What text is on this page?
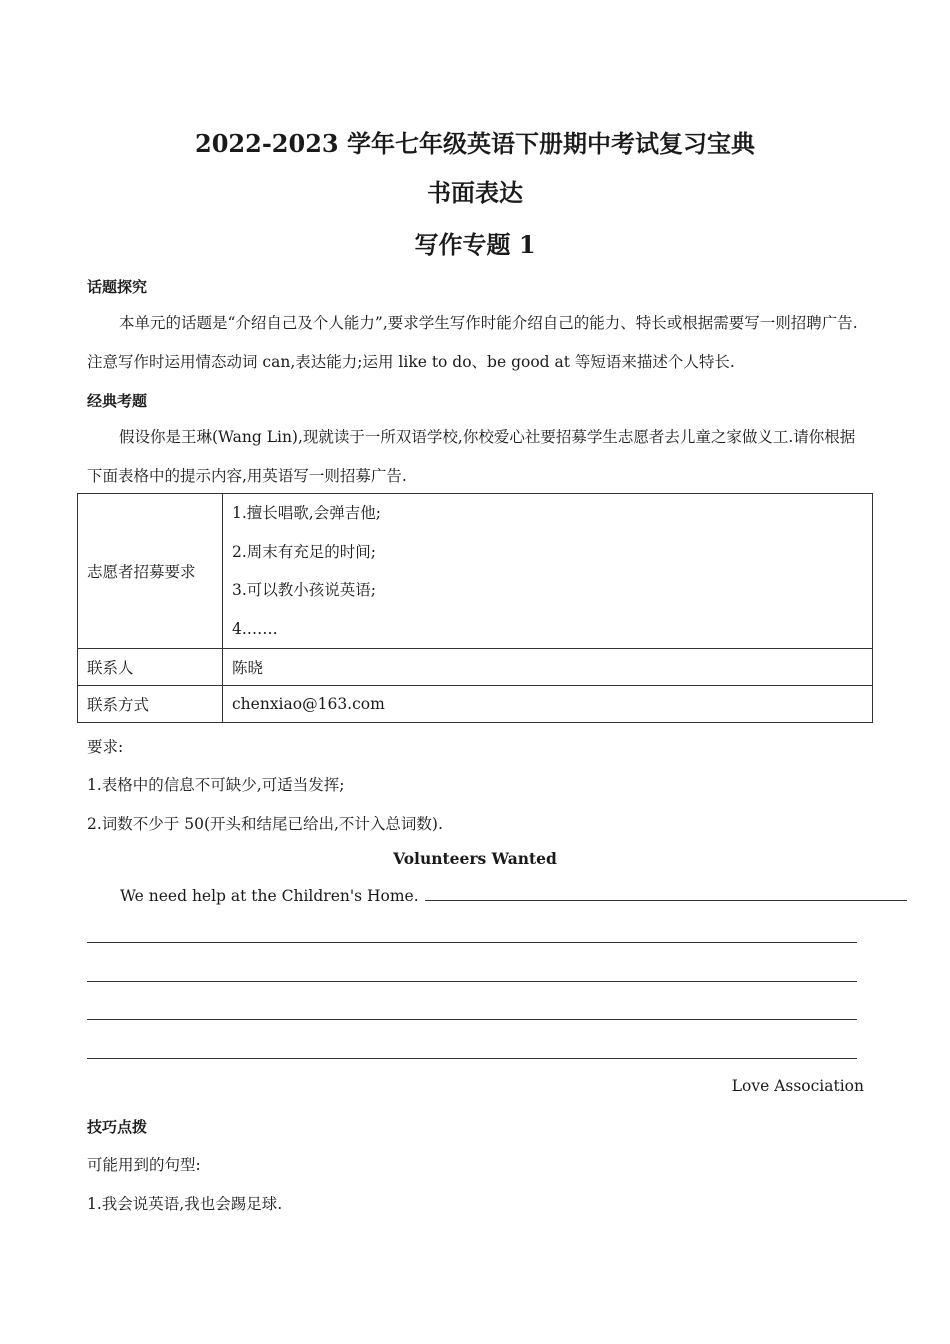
2022-2023 学年七年级英语下册期中考试复习宝典
书面表达
写作专题 1
话题探究
本单元的话题是“介绍自己及个人能力”,要求学生写作时能介绍自己的能力、特长或根据需要写一则招聘广告.注意写作时运用情态动词 can,表达能力;运用 like to do、be good at 等短语来描述个人特长.
经典考题
假设你是王琳(Wang Lin),现就读于一所双语学校,你校爱心社要招募学生志愿者去儿童之家做义工.请你根据下面表格中的提示内容,用英语写一则招募广告.
志愿者招募要求	1.擅长唱歌,会弹吉他;
2.周末有充足的时间;
3.可以教小孩说英语;
4.……

联系人	陈晓
联系方式	chenxiao@163.com
要求:
1.表格中的信息不可缺少,可适当发挥;
2.词数不少于 50(开头和结尾已给出,不计入总词数).
Volunteers Wanted
We need help at the Children's Home.
Love Association
技巧点拨
可能用到的句型:
1.我会说英语,我也会踢足球.
